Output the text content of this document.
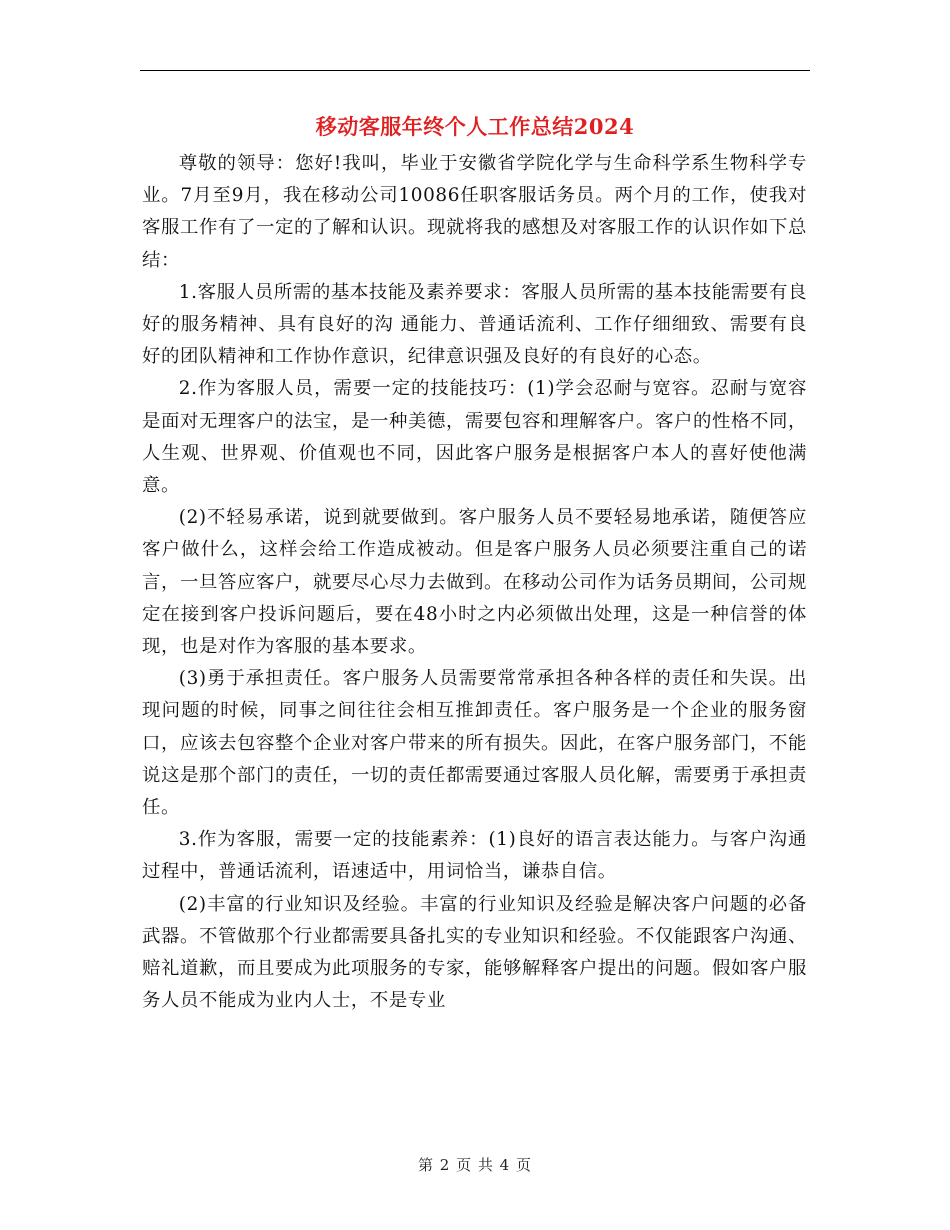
移动客服年终个人工作总结2024

尊敬的领导：您好!我叫，毕业于安徽省学院化学与生命科学系生物科学专业。7月至9月，我在移动公司10086任职客服话务员。两个月的工作，使我对客服工作有了一定的了解和认识。现就将我的感想及对客服工作的认识作如下总结：

1.客服人员所需的基本技能及素养要求：客服人员所需的基本技能需要有良好的服务精神、具有良好的沟 通能力、普通话流利、工作仔细细致、需要有良好的团队精神和工作协作意识，纪律意识强及良好的有良好的心态。

2.作为客服人员，需要一定的技能技巧：(1)学会忍耐与宽容。忍耐与宽容是面对无理客户的法宝，是一种美德，需要包容和理解客户。客户的性格不同，人生观、世界观、价值观也不同，因此客户服务是根据客户本人的喜好使他满意。

(2)不轻易承诺，说到就要做到。客户服务人员不要轻易地承诺，随便答应客户做什么，这样会给工作造成被动。但是客户服务人员必须要注重自己的诺言，一旦答应客户，就要尽心尽力去做到。在移动公司作为话务员期间，公司规定在接到客户投诉问题后，要在48小时之内必须做出处理，这是一种信誉的体现，也是对作为客服的基本要求。

(3)勇于承担责任。客户服务人员需要常常承担各种各样的责任和失误。出现问题的时候，同事之间往往会相互推卸责任。客户服务是一个企业的服务窗口，应该去包容整个企业对客户带来的所有损失。因此，在客户服务部门，不能说这是那个部门的责任，一切的责任都需要通过客服人员化解，需要勇于承担责任。

3.作为客服，需要一定的技能素养：(1)良好的语言表达能力。与客户沟通过程中，普通话流利，语速适中，用词恰当，谦恭自信。

(2)丰富的行业知识及经验。丰富的行业知识及经验是解决客户问题的必备武器。不管做那个行业都需要具备扎实的专业知识和经验。不仅能跟客户沟通、赔礼道歉，而且要成为此项服务的专家，能够解释客户提出的问题。假如客户服务人员不能成为业内人士，不是专业

第 2 页 共 4 页
